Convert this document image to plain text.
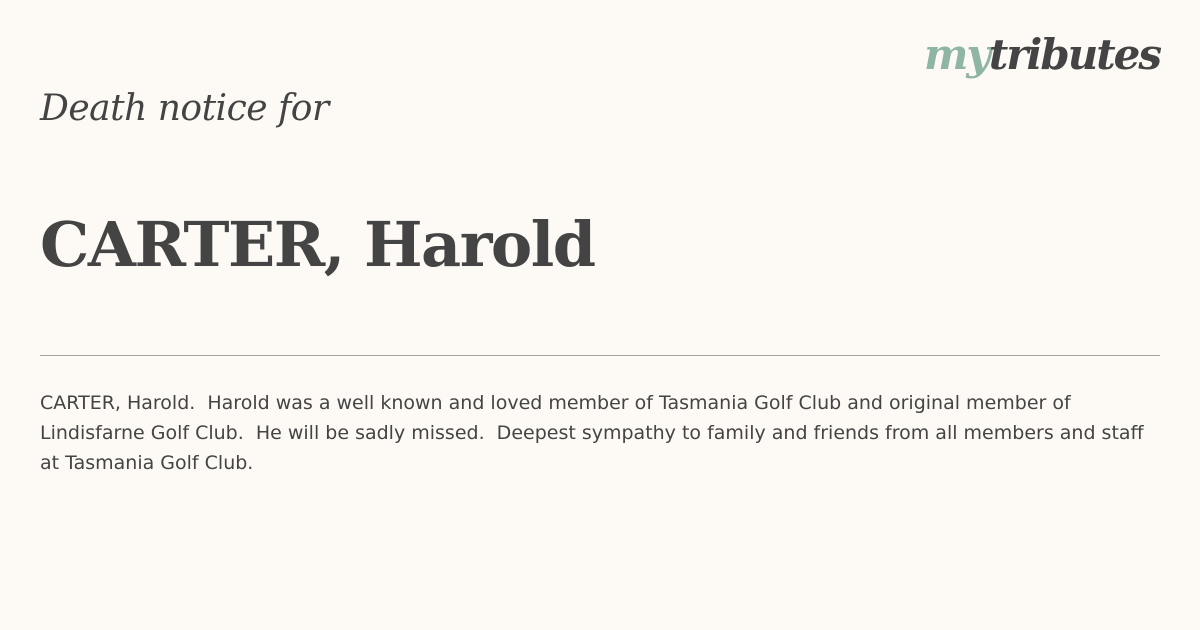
mytributes
Death notice for
CARTER, Harold
CARTER, Harold.  Harold was a well known and loved member of Tasmania Golf Club and original member of Lindisfarne Golf Club.  He will be sadly missed.  Deepest sympathy to family and friends from all members and staff at Tasmania Golf Club.
